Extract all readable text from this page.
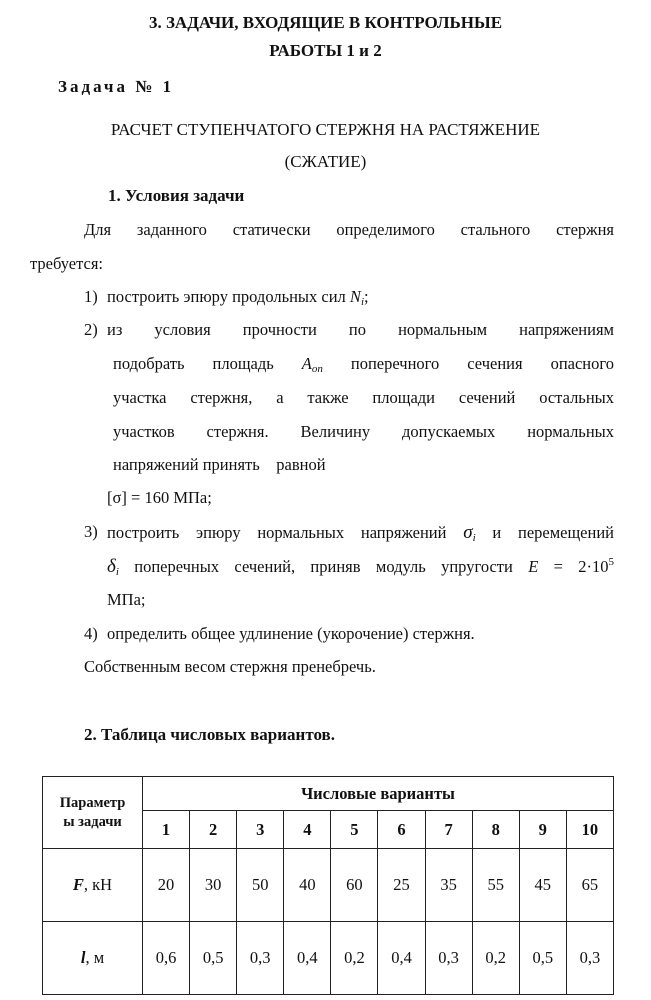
3. ЗАДАЧИ, ВХОДЯЩИЕ В КОНТРОЛЬНЫЕ
РАБОТЫ 1 и 2
Задача № 1
РАСЧЕТ СТУПЕНЧАТОГО СТЕРЖНЯ НА РАСТЯЖЕНИЕ
(СЖАТИЕ)
1. Условия задачи
Для заданного статически определимого стального стержня
требуется:
1) построить эпюру продольных сил $N_i$;
2) из условия прочности по нормальным напряжениям
подобрать площадь $A_{оп}$ поперечного сечения опасного
участка стержня, а также площади сечений остальных
участков стержня. Величину допускаемых нормальных
напряжений принять    равной
[σ] = 160 МПа;
3) построить эпюру нормальных напряжений $\sigma_i$ и перемещений
$\delta_i$ поперечных сечений, приняв модуль упругости $E = 2\cdot 10^5$
МПа;
4) определить общее удлинение (укорочение) стержня.
Собственным весом стержня пренебречь.
2. Таблица числовых вариантов.
Параметр
ы задачи	Числовые варианты									
	1	2	3	4	5	6	7	8	9	10
F, кН	20	30	50	40	60	25	35	55	45	65
l, м	0,6	0,5	0,3	0,4	0,2	0,4	0,3	0,2	0,5	0,3
